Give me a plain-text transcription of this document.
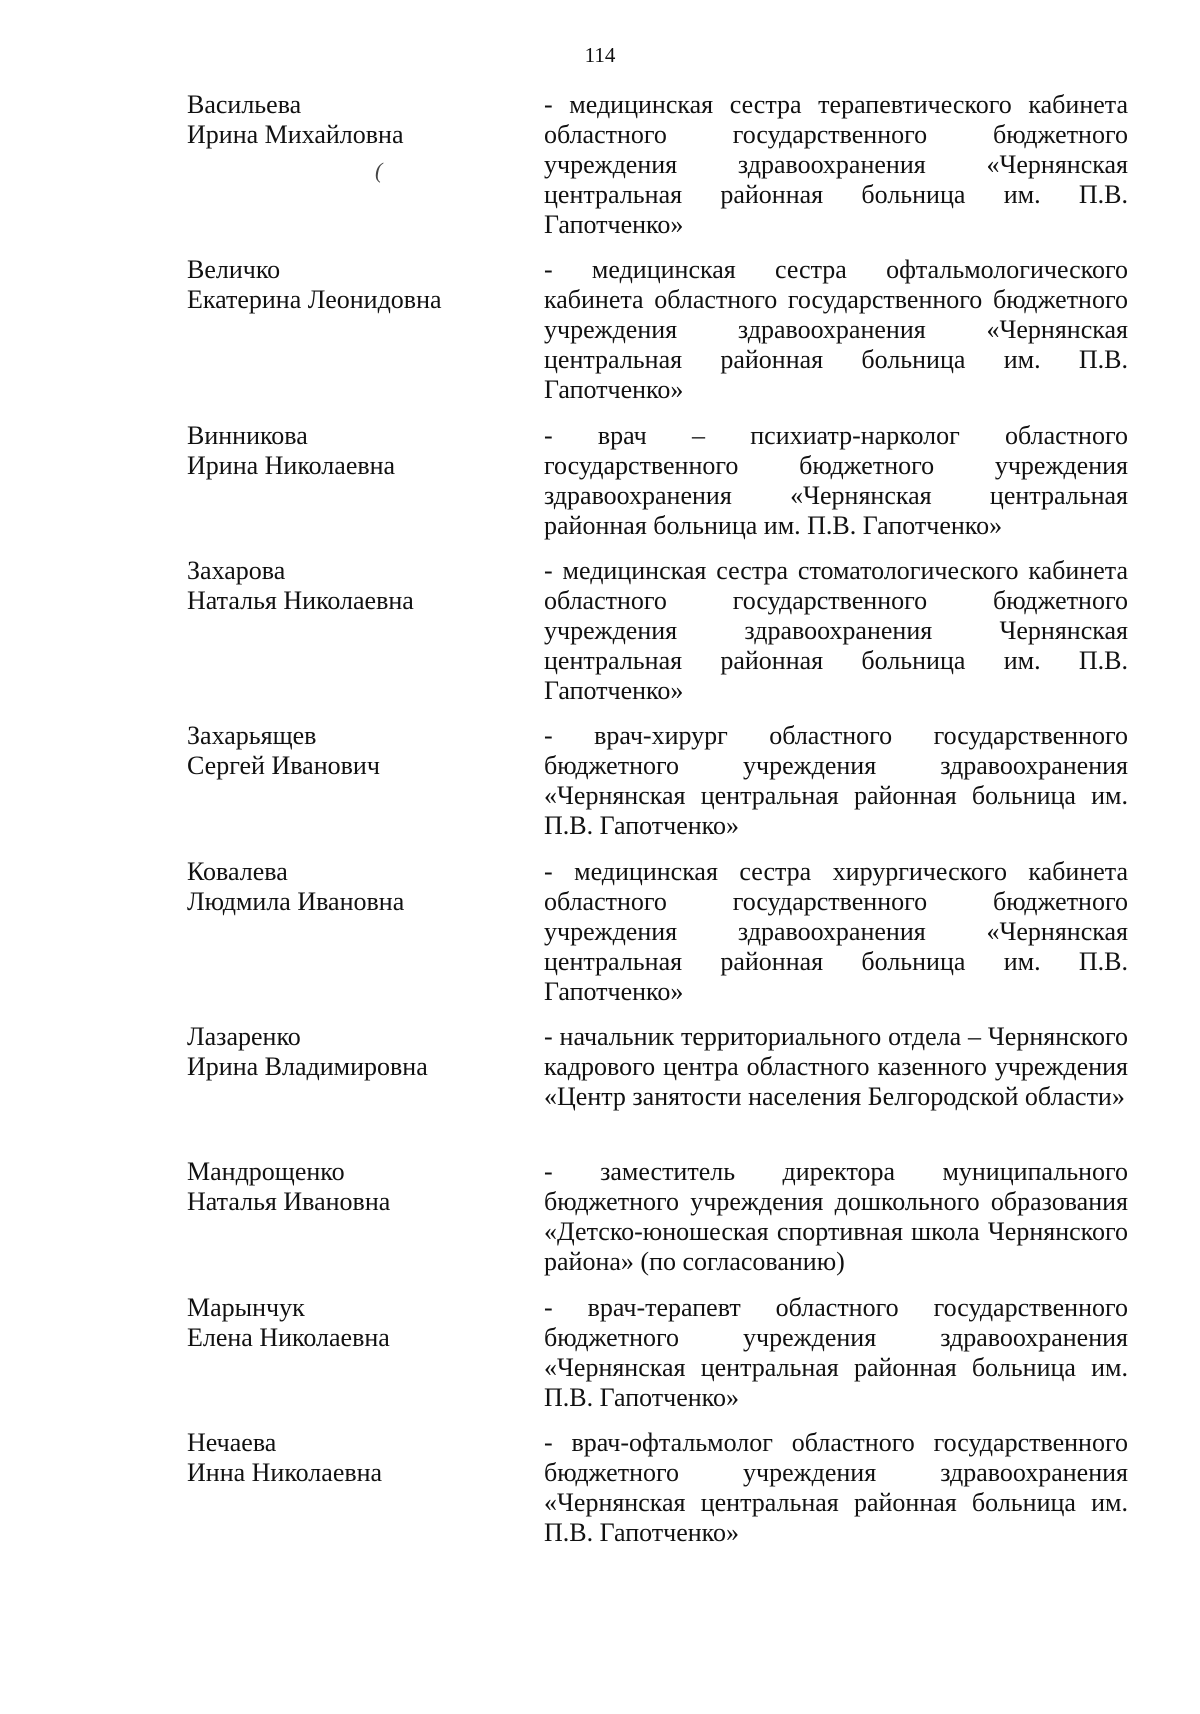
114
Васильева
Ирина Михайловна
- медицинская сестра терапевтического кабинета областного государственного бюджетного учреждения здравоохранения «Чернянская центральная районная больница им. П.В. Гапотченко»
Величко
Екатерина Леонидовна
- медицинская сестра офтальмологического кабинета областного государственного бюджетного учреждения здравоохранения «Чернянская центральная районная больница им. П.В. Гапотченко»
Винникова
Ирина Николаевна
- врач – психиатр-нарколог областного государственного бюджетного учреждения здравоохранения «Чернянская центральная районная больница им. П.В. Гапотченко»
Захарова
Наталья Николаевна
- медицинская сестра стоматологического кабинета областного государственного бюджетного учреждения здравоохранения Чернянская центральная районная больница им. П.В. Гапотченко»
Захарьящев
Сергей Иванович
- врач-хирург областного государственного бюджетного учреждения здравоохранения «Чернянская центральная районная больница им. П.В. Гапотченко»
Ковалева
Людмила Ивановна
- медицинская сестра хирургического кабинета областного государственного бюджетного учреждения здравоохранения «Чернянская центральная районная больница им. П.В. Гапотченко»
Лазаренко
Ирина Владимировна
- начальник территориального отдела – Чернянского кадрового центра областного казенного учреждения «Центр занятости населения Белгородской области»
Мандрощенко
Наталья Ивановна
- заместитель директора муниципального бюджетного учреждения дошкольного образования «Детско-юношеская спортивная школа Чернянского района» (по согласованию)
Марынчук
Елена Николаевна
- врач-терапевт областного государственного бюджетного учреждения здравоохранения «Чернянская центральная районная больница им. П.В. Гапотченко»
Нечаева
Инна Николаевна
- врач-офтальмолог областного государственного бюджетного учреждения здравоохранения «Чернянская центральная районная больница им. П.В. Гапотченко»
(
